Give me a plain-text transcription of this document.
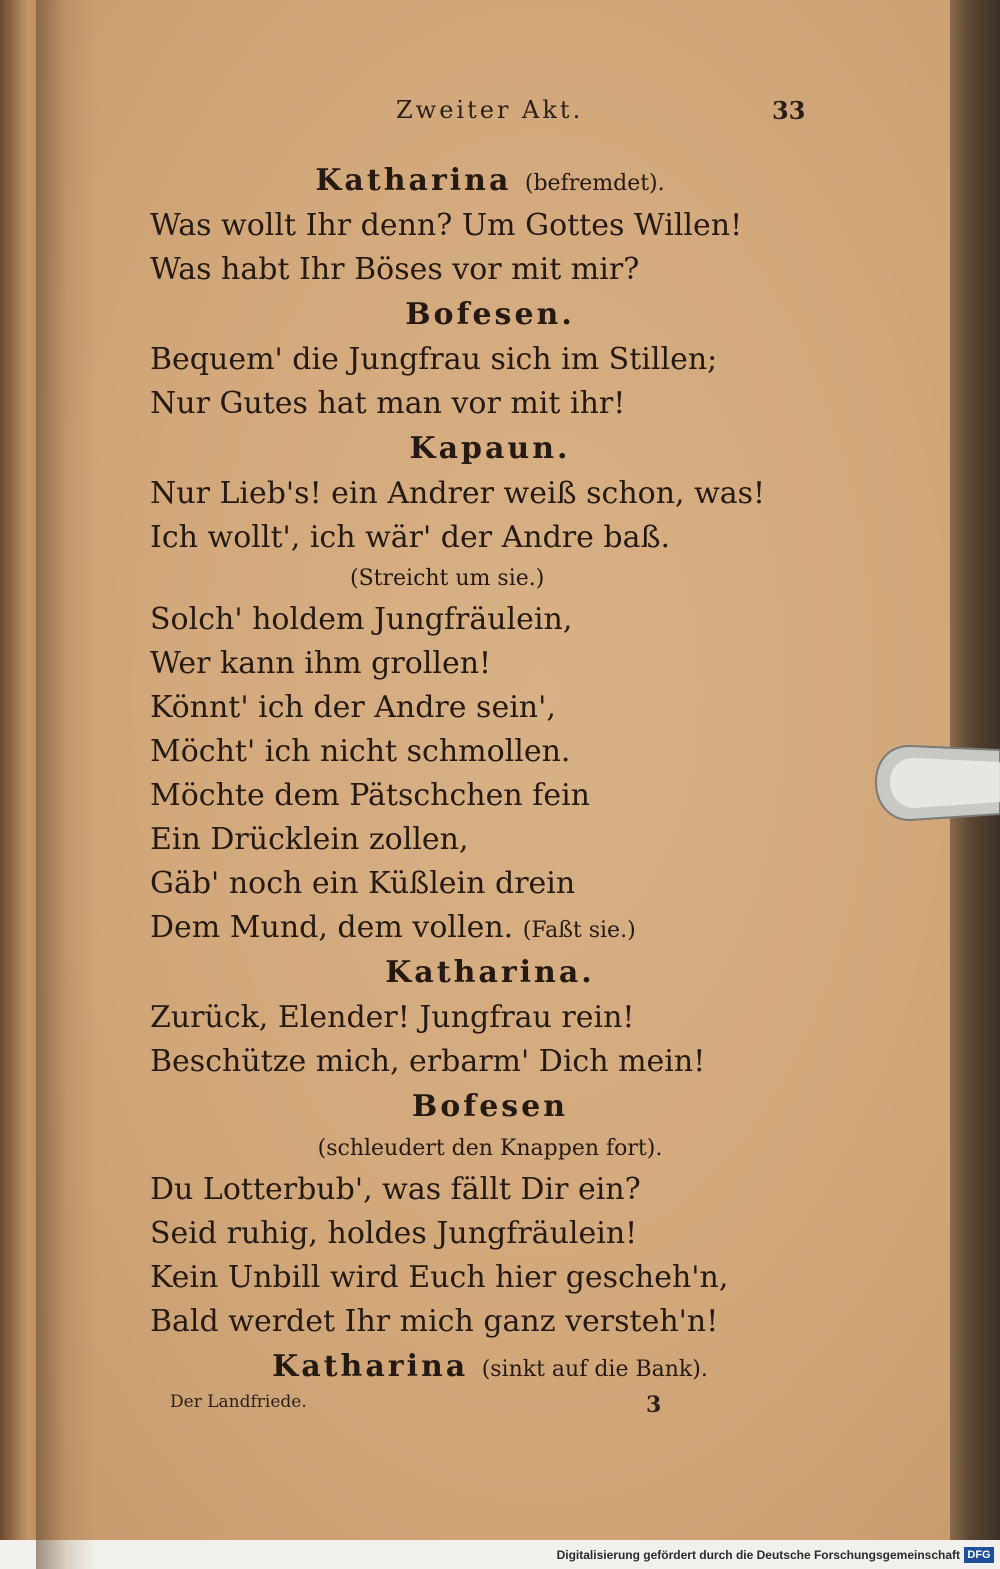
Zweiter Akt.	33
Katharina (befremdet).
Was wollt Ihr denn? Um Gottes Willen!
Was habt Ihr Böses vor mit mir?
Bofesen.
Bequem' die Jungfrau sich im Stillen;
Nur Gutes hat man vor mit ihr!
Kapaun.
Nur Lieb's! ein Andrer weiß schon, was!
Ich wollt', ich wär' der Andre baß.
(Streicht um sie.)
Solch' holdem Jungfräulein,
Wer kann ihm grollen!
Könnt' ich der Andre sein',
Möcht' ich nicht schmollen.
Möchte dem Pätschchen fein
Ein Drücklein zollen,
Gäb' noch ein Küßlein drein
Dem Mund, dem vollen. (Faßt sie.)
Katharina.
Zurück, Elender! Jungfrau rein!
Beschütze mich, erbarm' Dich mein!
Bofesen
(schleudert den Knappen fort).
Du Lotterbub', was fällt Dir ein?
Seid ruhig, holdes Jungfräulein!
Kein Unbill wird Euch hier gescheh'n,
Bald werdet Ihr mich ganz versteh'n!
Katharina (sinkt auf die Bank).
Der Landfriede.	3
Digitalisierung gefördert durch die Deutsche Forschungsgemeinschaft DFG
